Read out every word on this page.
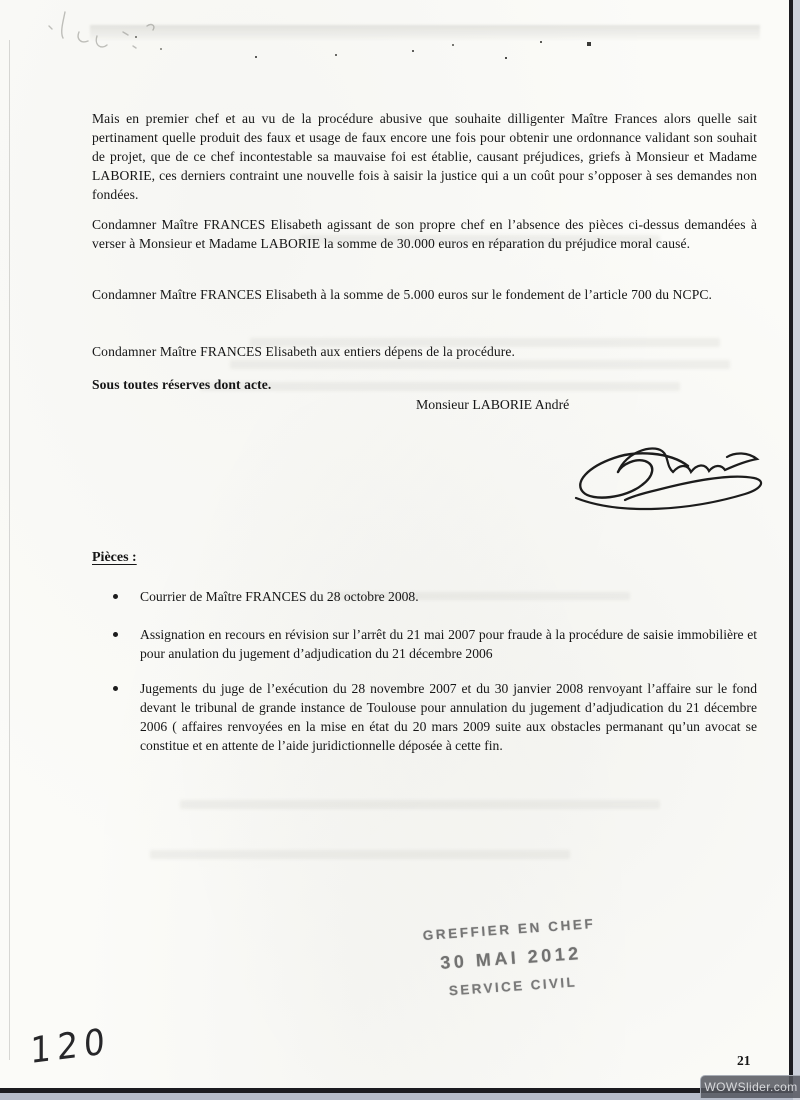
Mais en premier chef et au vu de la procédure abusive que souhaite dilligenter Maître Frances alors quelle sait pertinament quelle produit des faux et usage de faux encore une fois pour obtenir une ordonnance validant son souhait de projet, que de ce chef incontestable sa mauvaise foi est établie, causant préjudices, griefs à Monsieur et Madame LABORIE, ces derniers contraint une nouvelle fois à saisir la justice qui a un coût pour s’opposer à ses demandes non fondées.

Condamner Maître FRANCES Elisabeth agissant de son propre chef en l’absence des pièces ci-dessus demandées à verser à Monsieur et Madame LABORIE la somme de 30.000 euros en réparation du préjudice moral causé.

Condamner Maître FRANCES Elisabeth à la somme de 5.000 euros sur le fondement de l’article 700 du NCPC.

Condamner Maître FRANCES Elisabeth aux entiers dépens de la procédure.

Sous toutes réserves dont acte.

Monsieur LABORIE André
Pièces :
Courrier de Maître FRANCES du 28 octobre 2008.
Assignation en recours en révision sur l’arrêt du 21 mai 2007 pour fraude à la procédure de saisie immobilière et pour anulation du jugement d’adjudication du 21 décembre 2006
Jugements du juge de l’exécution du 28 novembre 2007 et du 30 janvier 2008 renvoyant l’affaire sur le fond devant le tribunal de grande instance de Toulouse pour annulation du jugement d’adjudication du 21 décembre 2006 ( affaires renvoyées en la mise en état du 20 mars 2009 suite aux obstacles permanant qu’un avocat se constitue et en attente de l’aide juridictionnelle déposée à cette fin.
GREFFIER EN CHEF
30 MAI 2012
SERVICE CIVIL
120	21
WOWSlider.com
